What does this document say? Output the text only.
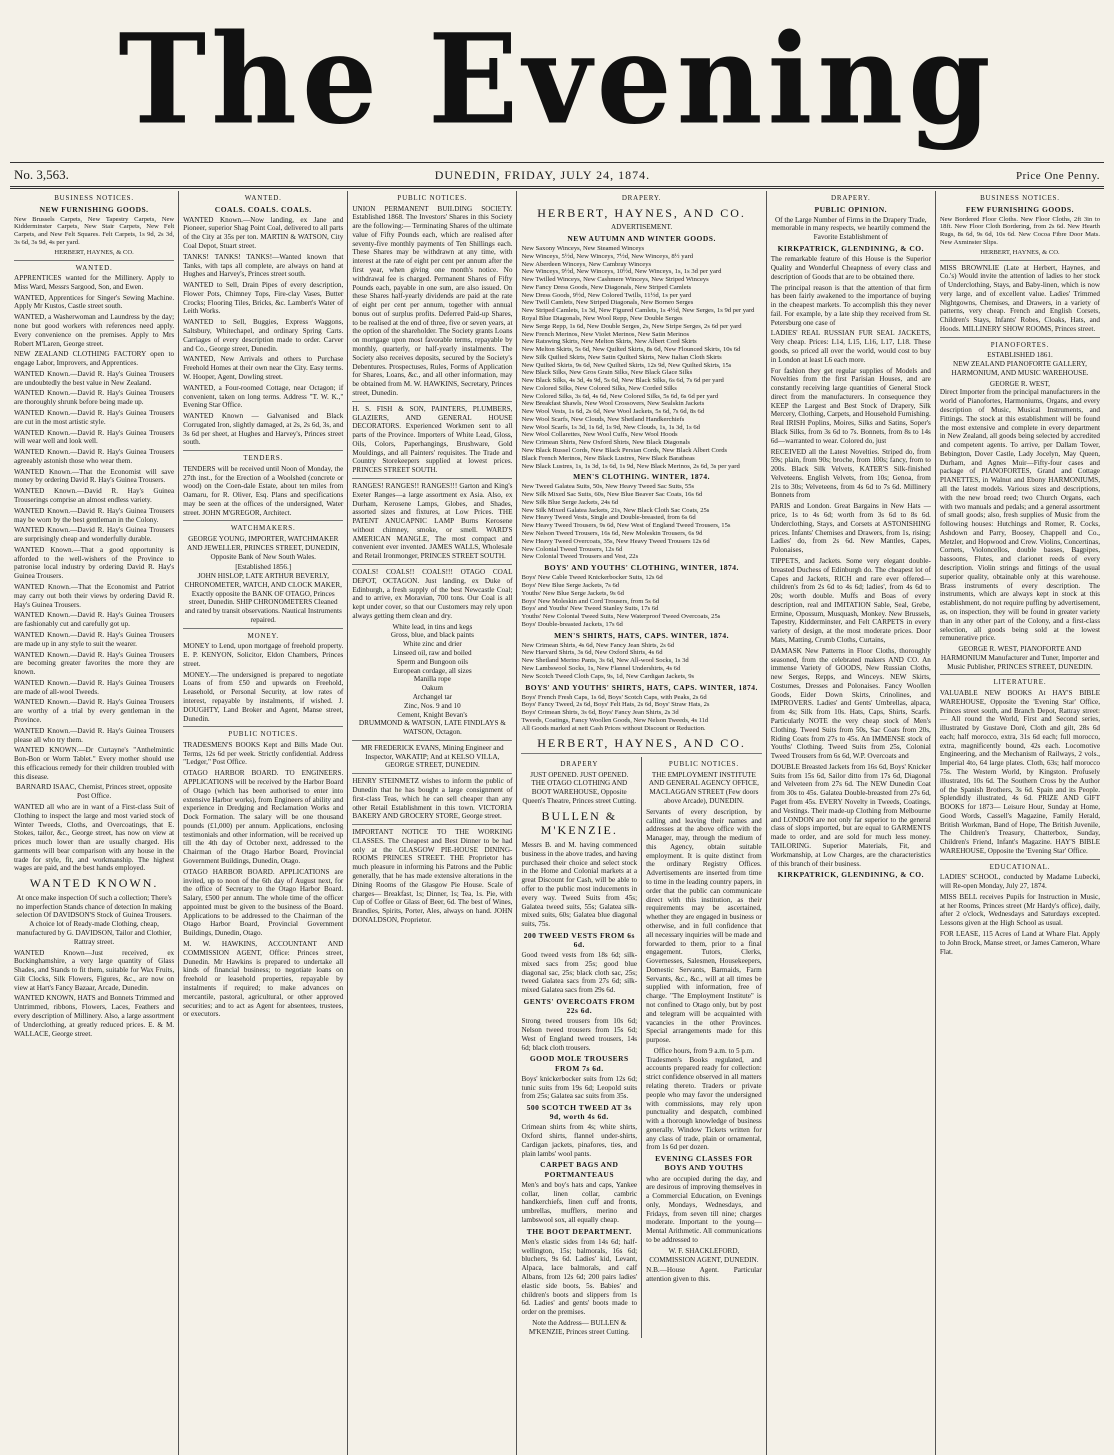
The Evening
No. 3,563.	DUNEDIN, FRIDAY, JULY 24, 1874.	Price One Penny.
BUSINESS NOTICES.
NEW FURNISHING GOODS.

New Brussels Carpets, New Tapestry Carpets, New Kidderminster Carpets, New Stair Carpets, New Felt Carpets, and New Felt Squares. Felt Carpets, 1s 9d, 2s 3d, 3s 6d, 3s 9d, 4s per yard.

HERBERT, HAYNES, & CO.
WANTED.

APPRENTICES wanted for the Millinery. Apply to Miss Ward, Messrs Sargood, Son, and Ewen.

WANTED, Apprentices for Singer's Sewing Machine. Apply Mr Kustos, Castle street south.

WANTED, a Washerwoman and Laundress by the day; none but good workers with references need apply. Every convenience on the premises. Apply to Mrs Robert M'Laren, George street.

NEW ZEALAND CLOTHING FACTORY open to engage Labor, Improvers, and Apprentices.

WANTED Known.—David R. Hay's Guinea Trousers are undoubtedly the best value in New Zealand.

WANTED Known.—David R. Hay's Guinea Trousers are thoroughly shrunk before being made up.

WANTED Known.—David R. Hay's Guinea Trousers are cut in the most artistic style.

WANTED Known.—David R. Hay's Guinea Trousers will wear well and look well.

WANTED Known.—David R. Hay's Guinea Trousers agreeably astonish those who wear them.

WANTED Known.—That the Economist will save money by ordering David R. Hay's Guinea Trousers.

WANTED Known.—David R. Hay's Guinea Trouserings comprise an almost endless variety.

WANTED Known.—David R. Hay's Guinea Trousers may be worn by the best gentleman in the Colony.

WANTED Known.—David R. Hay's Guinea Trousers are surprisingly cheap and wonderfully durable.

WANTED Known.—That a good opportunity is afforded to the well-wishers of the Province to patronise local industry by ordering David R. Hay's Guinea Trousers.

WANTED Known.—That the Economist and Patriot may carry out both their views by ordering David R. Hay's Guinea Trousers.

WANTED Known.—David R. Hay's Guinea Trousers are fashionably cut and carefully got up.

WANTED Known.—David R. Hay's Guinea Trousers are made up in any style to suit the wearer.

WANTED Known.—David R. Hay's Guinea Trousers are becoming greater favorites the more they are known.

WANTED Known.—David R. Hay's Guinea Trousers are made of all-wool Tweeds.

WANTED Known.—David R. Hay's Guinea Trousers are worthy of a trial by every gentleman in the Province.

WANTED Known.—David R. Hay's Guinea Trousers please all who try them.

WANTED KNOWN.—Dr Curtayne's "Anthelmintic Bon-Bon or Worm Tablet." Every mother should use this efficacious remedy for their children troubled with this disease.

BARNARD ISAAC, Chemist, Princes street, opposite Post Office.

WANTED all who are in want of a First-class Suit of Clothing to inspect the large and most varied stock of Winter Tweeds, Cloths, and Overcoatings, that E. Stokes, tailor, &c., George street, has now on view at prices much lower than are usually charged. His garments will bear comparison with any house in the trade for style, fit, and workmanship. The highest wages are paid, and the best hands employed.

WANTED KNOWN.

At once make inspection Of such a collection; There's no imperfection Stands chance of detection In making selection Of DAVIDSON'S Stock of Guinea Trousers. A choice lot of Ready-made Clothing, cheap, manufactured by G. DAVIDSON, Tailor and Clothier, Rattray street.

WANTED Known—Just received, ex Buckinghamshire, a very large quantity of Glass Shades, and Stands to fit them, suitable for Wax Fruits, Gilt Clocks, Silk Flowers, Figures, &c., are now on view at Hart's Fancy Bazaar, Arcade, Dunedin.

WANTED KNOWN, HATS and Bonnets Trimmed and Untrimmed, ribbons, Flowers, Laces, Feathers and every description of Millinery. Also, a large assortment of Underclothing, at greatly reduced prices. E. & M. WALLACE, George street.

WANTED.
COALS. COALS. COALS.

WANTED Known.—Now landing, ex Jane and Pioneer, superior Shag Point Coal, delivered to all parts of the City at 35s per ton. MARTIN & WATSON, City Coal Depot, Stuart street.

TANKS! TANKS! TANKS!—Wanted known that Tanks, with taps all complete, are always on hand at Hughes and Harvey's, Princes street south.

WANTED to Sell, Drain Pipes of every description, Flower Pots, Chimney Tops, Fire-clay Vases, Butter Crocks; Flooring Tiles, Bricks, &c. Lambert's Water of Leith Works.

WANTED to Sell, Buggies, Express Waggons, Saltsbury, Whitechapel, and ordinary Spring Carts. Carriages of every description made to order. Carver and Co., George street, Dunedin.

WANTED, New Arrivals and others to Purchase Freehold Homes at their own near the City. Easy terms. W. Hooper, Agent, Dowling street.

WANTED, a Four-roomed Cottage, near Octagon; if convenient, taken on long terms. Address "T. W. K.," Evening Star Office.

WANTED Known — Galvanised and Black Corrugated Iron, slightly damaged, at 2s, 2s 6d, 3s, and 3s 6d per sheet, at Hughes and Harvey's, Princes street south.

TENDERS.

TENDERS will be received until Noon of Monday, the 27th inst., for the Erection of a Woolshed (concrete or wood) on the Coen-dale Estate, about ten miles from Oamaru, for R. Oliver, Esq. Plans and specifications may be seen at the offices of the undersigned, Water street. JOHN M'GREGOR, Architect.

WATCHMAKERS.

GEORGE YOUNG, IMPORTER, WATCHMAKER AND JEWELLER, PRINCES STREET, DUNEDIN, Opposite Bank of New South Wales.

[Established 1856.]

JOHN HISLOP, LATE ARTHUR BEVERLY, CHRONOMETER, WATCH, AND CLOCK MAKER, Exactly opposite the BANK OF OTAGO, Princes street, Dunedin. SHIP CHRONOMETERS Cleaned and rated by transit observations. Nautical Instruments repaired.

MONEY.

MONEY to Lend, upon mortgage of freehold property. E. P. KENYON, Solicitor, Eldon Chambers, Princes street.

MONEY.—The undersigned is prepared to negotiate Loans of from £50 and upwards on Freehold, Leasehold, or Personal Security, at low rates of interest, repayable by instalments, if wished. J. DOUGHTY, Land Broker and Agent, Manse street, Dunedin.

PUBLIC NOTICES.

TRADESMEN'S BOOKS Kept and Bills Made Out. Terms, 12s 6d per week. Strictly confidential. Address "Ledger," Post Office.

OTAGO HARBOR BOARD. TO ENGINEERS. APPLICATIONS will be received by the Harbor Board of Otago (which has been authorised to enter into extensive Harbor works), from Engineers of ability and experience in Dredging and Reclamation Works and Dock Formation. The salary will be one thousand pounds (£1,000) per annum. Applications, enclosing testimonials and other information, will be received up till the 4th day of October next, addressed to the Chairman of the Otago Harbor Board, Provincial Government Buildings, Dunedin, Otago.

OTAGO HARBOR BOARD. APPLICATIONS are invited, up to noon of the 6th day of August next, for the office of Secretary to the Otago Harbor Board. Salary, £500 per annum. The whole time of the officer appointed must be given to the business of the Board. Applications to be addressed to the Chairman of the Otago Harbor Board, Provincial Government Buildings, Dunedin, Otago.

M. W. HAWKINS, ACCOUNTANT AND COMMISSION AGENT, Office: Princes street, Dunedin. Mr Hawkins is prepared to undertake all kinds of financial business; to negotiate loans on freehold or leasehold properties, repayable by instalments if required; to make advances on mercantile, pastoral, agricultural, or other approved securities; and to act as Agent for absentees, trustees, or executors.

PUBLIC NOTICES.

UNION PERMANENT BUILDING SOCIETY. Established 1868. The Investors' Shares in this Society are the following:— Terminating Shares of the ultimate value of Fifty Pounds each, which are realised after seventy-five monthly payments of Ten Shillings each. These Shares may be withdrawn at any time, with interest at the rate of eight per cent per annum after the first year, when giving one month's notice. No withdrawal fee is charged. Permanent Shares of Fifty Pounds each, payable in one sum, are also issued. On these Shares half-yearly dividends are paid at the rate of eight per cent per annum, together with annual bonus out of surplus profits. Deferred Paid-up Shares, to be realised at the end of three, five or seven years, at the option of the shareholder. The Society grants Loans on mortgage upon most favorable terms, repayable by monthly, quarterly, or half-yearly instalments. The Society also receives deposits, secured by the Society's Debentures. Prospectuses, Rules, Forms of Application for Shares, Loans, &c., and all other information, may be obtained from M. W. HAWKINS, Secretary, Princes street, Dunedin.

H. S. FISH & SON, PAINTERS, PLUMBERS, GLAZIERS, AND GENERAL HOUSE DECORATORS. Experienced Workmen sent to all parts of the Province. Importers of White Lead, Gloss, Oils, Colors, Paperhangings, Brushware, Gold Mouldings, and all Painters' requisites. The Trade and Country Storekeepers supplied at lowest prices. PRINCES STREET SOUTH.

RANGES! RANGES!! RANGES!!! Garton and King's Exeter Ranges—a large assortment ex Asia. Also, ex Durham, Kerosene Lamps, Globes, and Shades, assorted sizes and fixtures, at Low Prices. THE PATENT ANUCAPNIC LAMP Burns Kerosene without chimney, smoke, or smell. WARD'S AMERICAN MANGLE, The most compact and convenient ever invented. JAMES WALLS, Wholesale and Retail Ironmonger, PRINCES STREET SOUTH.

COALS! COALS!! COALS!!! OTAGO COAL DEPOT, OCTAGON. Just landing, ex Duke of Edinburgh, a fresh supply of the best Newcastle Coal; and to arrive, ex Moravian, 700 tons. Our Coal is all kept under cover, so that our Customers may rely upon always getting them clean and dry.

White lead, in tins and kegs

Gross, blue, and black paints

White zinc and drier

Linseed oil, raw and boiled

Sperm and Bungoon oils

European cordage, all sizes

Manilla rope

Oakum

Archangel tar

Zinc, Nos. 9 and 10

Cement, Knight Bevan's

DRUMMOND & WATSON, LATE FINDLAYS & WATSON, Octagon.

MR FREDERICK EVANS, Mining Engineer and Inspector, WAKATIP; And at KELSO VILLA, GEORGE STREET, DUNEDIN.

HENRY STEINMETZ wishes to inform the public of Dunedin that he has bought a large consignment of first-class Teas, which he can sell cheaper than any other Retail Establishment in this town. VICTORIA BAKERY AND GROCERY STORE, George street.

IMPORTANT NOTICE TO THE WORKING CLASSES. The Cheapest and Best Dinner to be had only at the GLASGOW PIE-HOUSE DINING-ROOMS PRINCES STREET. THE Proprietor has much pleasure in informing his Patrons and the Public generally, that he has made extensive alterations in the Dining Rooms of the Glasgow Pie House. Scale of charges— Breakfast, 1s; Dinner, 1s; Tea, 1s. Pie, with Cup of Coffee or Glass of Beer, 6d. The best of Wines, Brandies, Spirits, Porter, Ales, always on hand. JOHN DONALDSON, Proprietor.

DRAPERY.
HERBERT, HAYNES, AND CO.
ADVERTISEMENT.
NEW AUTUMN AND WINTER GOODS.

New Saxony Winceys, New Steamed Winceys

New Winceys, 5½d, New Winceys, 7½d, New Winceys, 8½ yard

New Aberdeen Winceys, New Cambray Winceys

New Winceys, 9½d, New Winceys, 10½d, New Winceys, 1s, 1s 3d per yard

New Twilled Winceys, New Cashmere Winceys, New Striped Winceys

New Fancy Dress Goods, New Diagonals, New Striped Camlets

New Dress Goods, 9½d, New Colored Twills, 11½d, 1s per yard

New Twill Camlets, New Striped Diagonals, New Borneo Serges

New Striped Camlets, 1s 3d, New Figured Camlets, 1s 4½d, New Serges, 1s 9d per yard

Royal Blue Diagonals, New Wool Repp, New Double Serges

New Serge Repp, 1s 6d, New Double Serges, 2s, New Stripe Serges, 2s 6d per yard

New French Merinos, New Violet Merinos, New Satin Merinos

New Ratswing Skirts, New Melton Skirts, New Albert Cord Skirts

New Melton Skirts, 5s 6d, New Quilted Skirts, 8s 6d, New Flounced Skirts, 10s 6d

New Silk Quilted Skirts, New Satin Quilted Skirts, New Italian Cloth Skirts

New Quilted Skirts, 9s 6d, New Quilted Skirts, 12s 9d, New Quilted Skirts, 15s

New Black Silks, New Gros Grain Silks, New Black Glace Silks

New Black Silks, 4s 3d, 4s 9d, 5s 6d, New Black Silks, 6s 6d, 7s 6d per yard

New Colored Silks, New Colored Silks, New Corded Silks

New Colored Silks, 3s 6d, 4s 6d, New Colored Silks, 5s 6d, 6s 6d per yard

New Breakfast Shawls, New Wool Crossovers, New Sealskin Jackets

New Wool Vests, 1s 6d, 2s 6d, New Wool Jackets, 5s 6d, 7s 6d, 8s 6d

New Wool Scarfs, New Clouds, New Shetland Handkerchiefs

New Wool Scarfs, 1s 3d, 1s 6d, 1s 9d, New Clouds, 1s, 1s 3d, 1s 6d

New Wool Collarettes, New Wool Cuffs, New Wool Hoods

New Crimean Shirts, New Oxford Shirts, New Black Diagonals

New Black Russel Cords, New Black Persian Cords, New Black Albert Cords

Black French Merinos, New Black Lustres, New Black Baratheas

New Black Lustres, 1s, 1s 3d, 1s 6d, 1s 9d, New Black Merinos, 2s 6d, 3s per yard

MEN'S CLOTHING. WINTER, 1874.

New Tweed Galatea Suits, 50s, New Heavy Tweed Sac Suits, 55s

New Silk Mixed Sac Suits, 60s, New Blue Beaver Sac Coats, 16s 6d

New Silk Blue Serge Jackets, 24s 6d

New Silk Mixed Galatea Jackets, 21s, New Black Cloth Sac Coats, 25s

New Heavy Tweed Vests, Single and Double-breasted, from 6s 6d

New Heavy Tweed Trousers, 9s 6d, New West of England Tweed Trousers, 15s

New Nelson Tweed Trousers, 16s 6d, New Moleskin Trousers, 6s 9d

New Heavy Tweed Overcoats, 35s, New Heavy Tweed Trousers 12s 6d

New Colonial Tweed Trousers, 12s 6d

New Colonial Tweed Trousers and Vest, 22s

BOYS' AND YOUTHS' CLOTHING, WINTER, 1874.

Boys' New Cable Tweed Knickerbocker Suits, 12s 6d

Boys' New Blue Serge Jackets, 7s 6d

Youths' New Blue Serge Jackets, 9s 6d

Boys' New Moleskin and Cord Trousers, from 5s 6d

Boys' and Youths' New Tweed Stanley Suits, 17s 6d

Youths' New Colonial Tweed Suits, New Waterproof Tweed Overcoats, 25s

Boys' Double-breasted Jackets, 17s 6d

MEN'S SHIRTS, HATS, CAPS. WINTER, 1874.

New Crimean Shirts, 4s 6d, New Fancy Jean Shirts, 2s 6d

New Harvard Shirts, 3s 6d, New Oxford Shirts, 4s 6d

New Shetland Merino Pants, 3s 6d, New All-wool Socks, 1s 3d

New Lambswool Socks, 1s, New Flannel Undershirts, 4s 6d

New Scotch Tweed Cloth Caps, 9s, 1d, New Cardigan Jackets, 9s

BOYS' AND YOUTHS' SHIRTS, HATS, CAPS. WINTER, 1874.

Boys' French Fresh Caps, 1s 6d, Boys' Scotch Caps, with Peaks, 2s 6d

Boys' Fancy Tweed, 2s 6d, Boys' Felt Hats, 2s 6d, Boys' Straw Hats, 2s

Boys' Crimean Shirts, 3s 6d, Boys' Fancy Jean Shirts, 2s 3d

Tweeds, Coatings, Fancy Woollen Goods, New Nelson Tweeds, 4s 11d

All Goods marked at nett Cash Prices without Discount or Reduction.

HERBERT, HAYNES, AND CO.
DRAPERY
JUST OPENED. JUST OPENED.

THE OTAGO CLOTHING AND BOOT WAREHOUSE, Opposite Queen's Theatre, Princes street Cutting.

BULLEN & M'KENZIE.

Messrs B. and M. having commenced business in the above trades, and having purchased their choice and select stock in the Home and Colonial markets at a great Discount for Cash, will be able to offer to the public most inducements in every way. Tweed Suits from 45s; Galatea tweed suits, 55s; Galatea silk-mixed suits, 60s; Galatea blue diagonal suits, 75s.

200 TWEED VESTS FROM 6s 6d.

Good tweed vests from 18s 6d; silk-mixed sacs from 25s; good blue diagonal sac, 25s; black cloth sac, 25s; tweed Galatea sacs from 27s 6d; silk-mixed Galatea sacs from 29s 6d.

GENTS' OVERCOATS FROM 22s 6d.

Strong tweed trousers from 10s 6d; Nelson tweed trousers from 15s 6d; West of England tweed trousers, 14s 6d; black cloth trousers.

GOOD MOLE TROUSERS FROM 7s 6d.

Boys' knickerbocker suits from 12s 6d; tunic suits from 19s 6d; Leopold suits from 25s; Galatea sac suits from 35s.

500 SCOTCH TWEED AT 3s 9d, worth 4s 6d.

Crimean shirts from 4s; white shirts, Oxford shirts, flannel under-shirts, Cardigan jackets, pinafores, ties, and plain lambs' wool pants.

CARPET BAGS AND PORTMANTEAUS

Men's and boy's hats and caps, Yankee collar, linen collar, cambric handkerchiefs, linen cuff and fronts, umbrellas, mufflers, merino and lambswool sox, all equally cheap.

THE BOOT DEPARTMENT.

Men's elastic sides from 14s 6d; half-wellington, 15s; balmorals, 16s 6d; bluchers, 9s 6d. Ladies' kid, Levant, Alpaca, lace balmorals, and calf Albans, from 12s 6d; 200 pairs ladies' elastic side boots, 5s. Babies' and children's boots and slippers from 1s 6d. Ladies' and gents' boots made to order on the premises.

Note the Address— BULLEN & M'KENZIE, Princes street Cutting.

PUBLIC NOTICES.

THE EMPLOYMENT INSTITUTE AND GENERAL AGENCY OFFICE, MACLAGGAN STREET (Few doors above Arcade), DUNEDIN.

Servants of every description, by calling and leaving their names and addresses at the above office with the Manager, may, through the medium of this Agency, obtain suitable employment. It is quite distinct from the ordinary Registry Offices. Advertisements are inserted from time to time in the leading country papers, in order that the public can communicate direct with this institution, as their requirements may be ascertained, whether they are engaged in business or otherwise, and in full confidence that all necessary inquiries will be made and forwarded to them, prior to a final engagement. Tutors, Clerks, Governesses, Salesmen, Housekeepers, Domestic Servants, Barmaids, Farm Servants, &c., &c., will at all times be supplied with information, free of charge. "The Employment Institute" is not confined to Otago only, but by post and telegram will be acquainted with vacancies in the other Provinces. Special arrangements made for this purpose.

Office hours, from 9 a.m. to 5 p.m.

Tradesmen's Books regulated, and accounts prepared ready for collection: strict confidence observed in all matters relating thereto. Traders or private people who may favor the undersigned with commissions, may rely upon punctuality and despatch, combined with a thorough knowledge of business generally. Window Tickets written for any class of trade, plain or ornamental, from 1s 6d per dozen.

EVENING CLASSES FOR BOYS AND YOUTHS

who are occupied during the day, and are desirous of improving themselves in a Commercial Education, on Evenings only, Mondays, Wednesdays, and Fridays, from seven till nine; charges moderate. Important to the young—Mental Arithmetic. All communications to be addressed to

W. F. SHACKLEFORD, COMMISSION AGENT, DUNEDIN.

N.B.—House Agent. Particular attention given to this.

DRAPERY.
PUBLIC OPINION.

Of the Large Number of Firms in the Drapery Trade, memorable in many respects, we heartily commend the Favorite Establishment of

KIRKPATRICK, GLENDINING, & CO.

The remarkable feature of this House is the Superior Quality and Wonderful Cheapness of every class and description of Goods that are to be obtained there.

The principal reason is that the attention of that firm has been fairly awakened to the importance of buying in the cheapest markets. To accomplish this they never fail. For example, by a late ship they received from St. Petersburg one case of

LADIES' REAL RUSSIAN FUR SEAL JACKETS, Very cheap. Prices: L14, L15, L16, L17, L18. These goods, so priced all over the world, would cost to buy in London at least L6 each more.

For fashion they get regular supplies of Models and Novelties from the first Parisian Houses, and are constantly receiving large quantities of General Stock direct from the manufacturers. In consequence they KEEP the Largest and Best Stock of Drapery, Silk Mercery, Clothing, Carpets, and Household Furnishing. Real IRISH Poplins, Moires, Silks and Satins, Soper's Black Silks, from 3s 6d to 7s. Bonnets, from 8s to 14s 6d—warranted to wear. Colored do, just

RECEIVED all the Latest Novelties. Striped do, from 59s; plain, from 90s; broche, from 100s; fancy, from to 200s. Black Silk Velvets, KATER'S Silk-finished Velveteens. English Velvets, from 10s; Genoa, from 21s to 30s; Velveteens, from 4s 6d to 7s 6d. Millinery Bonnets from

PARIS and London. Great Bargains in New Hats —price, 1s to 4s 6d; worth from 3s 6d to 8s 6d. Underclothing, Stays, and Corsets at ASTONISHING prices. Infants' Chemises and Drawers, from 1s, rising; Ladies' do, from 2s 6d. New Mantles, Capes, Polonaises,

TIPPETS, and Jackets. Some very elegant double-breasted Duchess of Edinburgh do. The cheapest lot of Capes and Jackets, RICH and rare ever offered—children's from 2s 6d to 4s 6d; ladies', from 4s 6d to 20s; worth double. Muffs and Boas of every description, real and IMITATION Sable, Seal, Grebe, Ermine, Opossum, Musquash, Monkey. New Brussels, Tapestry, Kidderminster, and Felt CARPETS in every variety of design, at the most moderate prices. Door Mats, Matting, Crumb Cloths, Curtains,

DAMASK New Patterns in Floor Cloths, thoroughly seasoned, from the celebrated makers AND CO. An immense Variety of GOODS, New Russian Cloths, new Serges, Repps, and Winceys. NEW Skirts, Costumes, Dresses and Polonaises. Fancy Woollen Goods, Eider Down Skirts, Crinolines, and IMPROVERS. Ladies' and Gents' Umbrellas, alpaca, from 4s; Silk from 10s. Hats, Caps, Shirts, Scarfs. Particularly NOTE the very cheap stock of Men's Clothing. Tweed Suits from 50s, Sac Coats from 20s, Riding Coats from 27s to 45s. An IMMENSE stock of Youths' Clothing. Tweed Suits from 25s, Colonial Tweed Trousers from 6s 6d, W.P. Overcoats and

DOUBLE Breasted Jackets from 16s 6d, Boys' Knicker Suits from 15s 6d, Sailor ditto from 17s 6d, Diagonal and Velveteen from 27s 6d. The NEW Dunedin Coat from 30s to 45s. Galatea Double-breasted from 27s 6d, Paget from 45s. EVERY Novelty in Tweeds, Coatings, and Vestings. Their made-up Clothing from Melbourne and LONDON are not only far superior to the general class of slops imported, but are equal to GARMENTS made to order, and are sold for much less money. TAILORING. Superior Materials, Fit, and Workmanship, at Low Charges, are the characteristics of this branch of their business.

KIRKPATRICK, GLENDINING, & CO.
BUSINESS NOTICES.
FEW FURNISHING GOODS.

New Bordered Floor Cloths. New Floor Cloths, 2ft 3in to 18ft. New Floor Cloth Bordering, from 2s 6d. New Hearth Rugs, 8s 6d, 9s 6d, 10s 6d. New Cocoa Fibre Door Mats. New Axminster Slips.

HERBERT, HAYNES, & CO.

MISS BROWNLIE (Late at Herbert, Haynes, and Co.'s) Would invite the attention of ladies to her stock of Underclothing, Stays, and Baby-linen, which is now very large, and of excellent value. Ladies' Trimmed Nightgowns, Chemises, and Drawers, in a variety of patterns, very cheap. French and English Corsets, Children's Stays, Infants' Robes, Cloaks, Hats, and Hoods. MILLINERY SHOW ROOMS, Princes street.

PIANOFORTES.
ESTABLISHED 1861.

NEW ZEALAND PIANOFORTE GALLERY, HARMONIUM, AND MUSIC WAREHOUSE.

GEORGE R. WEST,

Direct Importer from the principal manufacturers in the world of Pianofortes, Harmoniums, Organs, and every description of Music, Musical Instruments, and Fittings. The stock at this establishment will be found the most extensive and complete in every department in New Zealand, all goods being selected by accredited and competent agents. To arrive, per Dallam Tower, Bebington, Dover Castle, Lady Jocelyn, May Queen, Durham, and Agnes Muir—Fifty-four cases and package of PIANOFORTES, Grand and Cottage PIANETTES, in Walnut and Ebony HARMONIUMS, all the latest models. Various sizes and descriptions, with the new broad reed; two Church Organs, each with two manuals and pedals; and a general assortment of small goods; also, fresh supplies of Music from the following houses: Hutchings and Romer, R. Cocks, Ashdown and Parry, Boosey, Chappell and Co., Metzler, and Hopwood and Crew. Violins, Concertinas, Cornets, Violoncellos, double basses, Bagpipes, bassoons, Flutes, and clarionet reeds of every description. Violin strings and fittings of the usual superior quality, obtainable only at this warehouse. Brass instruments of every description. The instruments, which are always kept in stock at this establishment, do not require puffing by advertisement, as, on inspection, they will be found in greater variety than in any other part of the Colony, and a first-class selection, all goods being sold at the lowest remunerative price.

GEORGE R. WEST, PIANOFORTE AND HARMONIUM Manufacturer and Tuner, Importer and Music Publisher, PRINCES STREET, DUNEDIN.

LITERATURE.

VALUABLE NEW BOOKS At HAY'S BIBLE WAREHOUSE, Opposite the 'Evening Star' Office, Princes street south, and Branch Depot, Rattray street:— All round the World, First and Second series, illustrated by Gustave Doré, Cloth and gilt, 28s 6d each; half morocco, extra, 31s 6d each; full morocco, extra, magnificently bound, 42s each. Locomotive Engineering, and the Mechanism of Railways, 2 vols., Imperial 4to, 64 large plates. Cloth, 63s; half morocco 75s. The Western World, by Kingston. Profusely illustrated, 10s 6d. The Southern Cross by the Author of the Spanish Brothers, 3s 6d. Spain and its People. Splendidly illustrated, 4s 6d. PRIZE AND GIFT BOOKS for 1873— Leisure Hour, Sunday at Home, Good Words, Cassell's Magazine, Family Herald, British Workman, Band of Hope, The British Juvenile, The Children's Treasury, Chatterbox, Sunday, Children's Friend, Infant's Magazine. HAY'S BIBLE WAREHOUSE, Opposite the 'Evening Star' Office.

EDUCATIONAL.

LADIES' SCHOOL, conducted by Madame Lubecki, will Re-open Monday, July 27, 1874.

MISS BELL receives Pupils for Instruction in Music, at her Rooms, Princes street (Mr Hardy's office), daily, after 2 o'clock, Wednesdays and Saturdays excepted. Lessons given at the High School as usual.

FOR LEASE, 115 Acres of Land at Whare Flat. Apply to John Brock, Manse street, or James Cameron, Whare Flat.
